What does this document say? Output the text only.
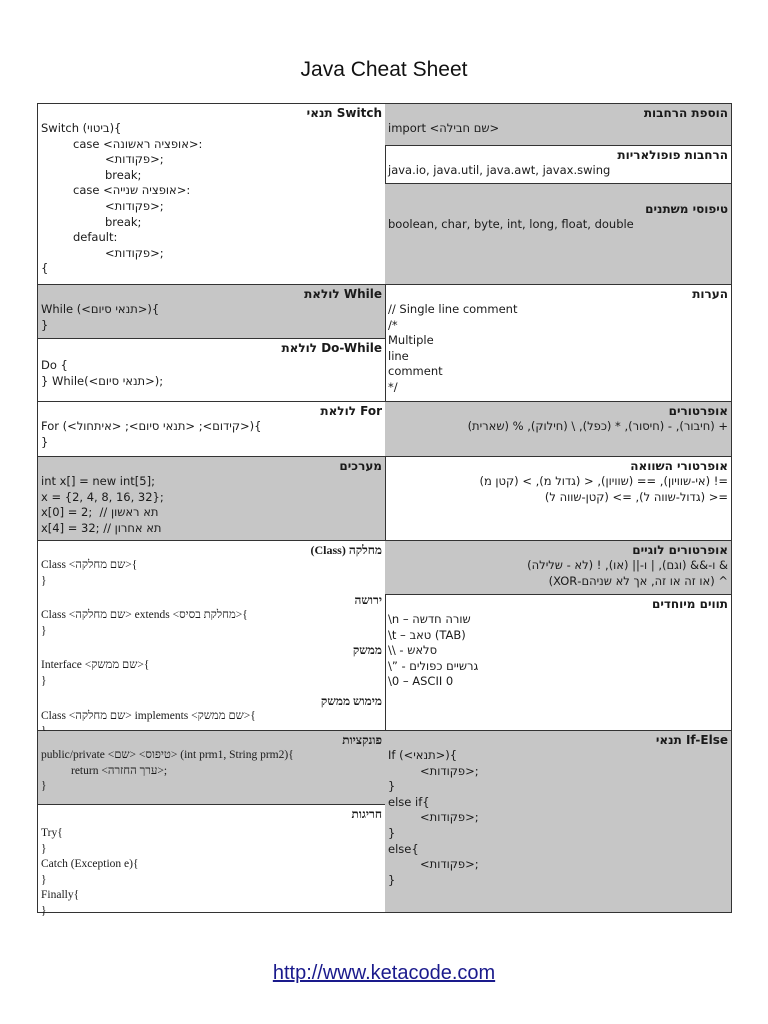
Java Cheat Sheet
Switch תנאי
Switch (ביטוי){
case <אופציה ראשונה>:
<פקודות>;
break;
case <אופציה שנייה>:
<פקודות>;
break;
default:
<פקודות>;
{
While לולאת
While (<תנאי סיום>){
}
Do-While לולאת
Do {
} While(<תנאי סיום>);
For לולאת
For (<קידום>; <תנאי סיום>; <איתחול>){
}
מערכים
int x[] = new int[5];
x = {2, 4, 8, 16, 32};
x[0] = 2;  // תא ראשון
x[4] = 32; // תא אחרון
מחלקה (Class)
Class <שם מחלקה>{
}
ירושה
Class <שם מחלקה> extends <מחלקת בסיס>{
}
ממשק
Interface <שם ממשק>{
}
מימוש ממשק
Class <שם מחלקה> implements <שם ממשק>{
פונקציות
public/private <טיפוס> <שם> (int prm1, String prm2){
return <ערך החזרה>;
}
חריגות
Try{
}
Catch (Exception e){
}
Finally{
}
הוספת הרחבות
import <שם חבילה>
הרחבות פופולאריות
java.io, java.util, java.awt, javax.swing
טיפוסי משתנים
boolean, char, byte, int, long, float, double
הערות
// Single line comment
/*
Multiple
line
comment
*/
אופרטורים
+ (חיבור), - (חיסור), * (כפל), \ (חילוק), % (שארית)
אופרטורי השוואה
=! (אי-שוויון), == (שוויון), < (גדול מ), > (קטן מ)
=< (גדול-שווה ל), => (קטן-שווה ל)
אופרטורים לוגיים
& ו-&& (וגם), | ו-|| (או), ! (לא - שלילה)
^ (או זה או זה, אך לא שניהם-XOR)
תווים מיוחדים
\n – שורה חדשה
\t – טאב (TAB)
\\ - סלאש
\” - גרשיים כפולים
\0 – ASCII 0
If-Else תנאי
If (<תנאי>){
<פקודות>;
}
else if{
<פקודות>;
}
else{
<פקודות>;
}
http://www.ketacode.com
